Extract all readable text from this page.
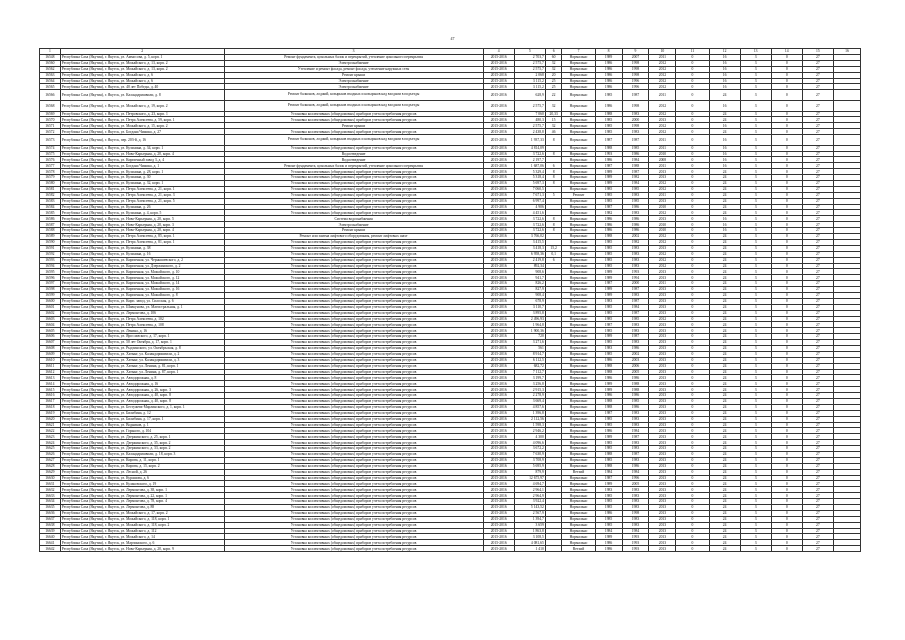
47
1	2	3	4	5	6	7	8	9	10	11	12	13	14	15	16
16548	Республика Саха (Якутия), г. Якутск, ул. Аммосова, д. 5, корп. 1	Ремонт фундамента, цокольных балок и перекрытий, утепление цокольного перекрытия	2015-2016	2 703,7	60	Нормально	1989	2007	2011	0	16	3	0	27	
16560	Республика Саха (Якутия), г. Якутск, ул. Можайского, д. 13, корп. 2	Электроснабжение	2015-2016	2 575,7	32	Нормально	1986	1998	2012	0	16	3	0	27	
16562	Республика Саха (Якутия), г. Якутск, ул. Можайского, д. 13, корп. 2	Утепление и ремонт фасада, ремонт фасада, утепление наружных стен	2015-2016	2 575,7	32	Нормально	1986	1998	2012	0	16	3	0	27	
16563	Республика Саха (Якутия), г. Якутск, ул. Можайского, д. 6	Ремонт крыши	2015-2016	2 068	20	Нормально	1986	1998	2012	0	16	3	0	27	
16564	Республика Саха (Якутия), г. Якутск, ул. Можайского, д. 6	Электроснабжение	2015-2016	3 115,2	25	Нормально	1986	1996	2012	0	16	3	0	27	
16565	Республика Саха (Якутия), г. Якутск, ул. 40 лет Победы, д. 40	Электроснабжение	2015-2016	3 115,2	25	Нормально	1986	1996	2012	0	16	3	0	27	
16566	Республика Саха (Якутия), г. Якутск, ул. Каландаришвили, д. 8	Ремонт балконов, лоджий, козырьков входных и козырьков над входами в подъезды	2015-2016	628,9	22	Нормально	1985	1987	2011	0	24	3	0	27	
16568	Республика Саха (Якутия), г. Якутск, ул. Можайского, д. 19, корп. 2	Ремонт балконов, лоджий, козырьков входных и козырьков над входами в подъезды	2015-2016	2 575,7	32	Нормально	1986	1998	2012	0	16	3	0	27	
16569	Республика Саха (Якутия), г. Якутск, ул. Петровского, д. 23, корп. 1	Установка коллективных (общедомовых) приборов учета потребления ресурсов	2015-2016	7 060	20,33	Нормально	1988	1983	2012	0	24	3	0	27	
16570	Республика Саха (Якутия), г. Якутск, ул. Петра Алексеева, д. 59, корп. 1	Установка коллективных (общедомовых) приборов учета потребления ресурсов	2015-2016	480,3	15	Нормально	1985	2000	2013	0	24	3	0	27	
16571	Республика Саха (Якутия), г. Якутск, ул. Можайского, д. 15, корп. 2	Ремонт крыши	2015-2016	2 575,7	32	Нормально	1985	1998	2012	0	16	3	0	27	
16572	Республика Саха (Якутия), г. Якутск, ул. Богдана Чижика, д. 27	Установка коллективных (общедомовых) приборов учета потребления ресурсов	2015-2016	2 438,8	46	Нормально	1985	1983	2012	0	24	3	0	27	
16573	Республика Саха (Якутия), г. Якутск, пер. 203-й, д. 16	Ремонт балконов, лоджий, козырьков входных и козырьков над входами в подъезды	2015-2016	1 937,33	8	Нормально	1987	1987	2011	0	16	3	0	27	
16574	Республика Саха (Якутия), г. Якутск, ул. Кузьмина, д. 34, корп. 1	Установка коллективных (общедомовых) приборов учета потребления ресурсов	2015-2016	4 814,09		Нормально	1988	1985	2011	0	16	3	0	27	
16575	Республика Саха (Якутия), г. Якутск, ул. Ново-Карьерная, д. 20, корп. 4	Водоотведение	2015-2016	3 722,6	8	Нормально	1993	1986	2010	0	16	3	0	27	
16576	Республика Саха (Якутия), г. Якутск, ул. Кирпичный завод 3, д. 4	Водоотведение	2015-2016	2 197,7		Нормально	1986	1984	2008	0	16	3	0	27	
16577	Республика Саха (Якутия), г. Якутск, ул. Богдана Чижика, д. 1	Ремонт фундамента, цокольных балок и перекрытий, утепление цокольного перекрытия	2015-2016	1 687,06	6	Нормально	1987	1988	2011	0	16	3	0	27	
16578	Республика Саха (Якутия), г. Якутск, ул. Кузьмина, д. 28, корп. 1	Установка коллективных (общедомовых) приборов учета потребления ресурсов	2015-2016	5 329,4	8	Нормально	1989	1987	2013	0	24	3	0	27	
16579	Республика Саха (Якутия), г. Якутск, ул. Кузьмина, д. 30	Установка коллективных (общедомовых) приборов учета потребления ресурсов	2015-2016	5 318,4	8	Нормально	1989	1982	2013	0	24	3	0	27	
16580	Республика Саха (Якутия), г. Якутск, ул. Кузьмина, д. 32, корп. 1	Установка коллективных (общедомовых) приборов учета потребления ресурсов	2015-2016	5 697,3	8	Нормально	1989	1984	2012	0	24	3	0	27	
16581	Республика Саха (Якутия), г. Якутск, ул. Петра Алексеева, д. 21, корп. 1	Установка коллективных (общедомовых) приборов учета потребления ресурсов	2015-2016	7 060,5		Нормально	1985	1985	2012	0	24	3	0	27	
16582	Республика Саха (Якутия), г. Якутск, ул. Петра Алексеева, д. 21, корп. 3	Установка коллективных (общедомовых) приборов учета потребления ресурсов	2015-2016	7 671,3	5	Ремонт	1985	1983	2011	0	24	3	0	27	
16583	Республика Саха (Якутия), г. Якутск, ул. Петра Алексеева, д. 21, корп. 5	Установка коллективных (общедомовых) приборов учета потребления ресурсов	2015-2016	6 997,4		Нормально	1985	1985	2013	0	24	3	0	27	
16584	Республика Саха (Якутия), г. Якутск, ул. Кузьмина, д. 26	Установка коллективных (общедомовых) приборов учета потребления ресурсов	2015-2016	4 906		Нормально	1987	1986	2010	0	24	3	0	27	
16585	Республика Саха (Якутия), г. Якутск, ул. Кузьмина, д. 4, корп. 5	Установка коллективных (общедомовых) приборов учета потребления ресурсов	2015-2016	4 451,6		Нормально	1982	1983	2012	0	24	3	0	27	
16586	Республика Саха (Якутия), г. Якутск, ул. Ново-Карьерная, д. 20, корп. 5	Система водоснабжения	2015-2016	3 722,6	8	Нормально	1986	1986	2013	0	16	3	0	27	
16587	Республика Саха (Якутия), г. Якутск, ул. Ново-Карьерная, д. 20, корп. 3	Электроснабжение	2015-2016	3 722,6	8	Нормально	1986	1986	2010	0	16	3	0	27	
16588	Республика Саха (Якутия), г. Якутск, ул. Ново-Карьерная, д. 20, корп. 4	Ремонт крыши	2015-2016	3 722,6	8	Нормально	1986	1986	2010	0	16	3	0	27	
16589	Республика Саха (Якутия), г. Якутск, ул. Петра Алексеева, д. 85, корп. 1	Ремонт или замена лифтового оборудования, ремонт лифтовых шахт	2015-2016	3 766,02		Нормально	1988	2002	2012	0	24	3	0	27	
16590	Республика Саха (Якутия), г. Якутск, ул. Петра Алексеева, д. 81, корп. 1	Установка коллективных (общедомовых) приборов учета потребления ресурсов	2015-2016	3 415,5		Нормально	1985	1982	2012	0	24	3	0	27	
16591	Республика Саха (Якутия), г. Якутск, ул. Кузьмина, д. 38	Установка коллективных (общедомовых) приборов учета потребления ресурсов	2015-2016	3 418,3	15,2	Нормально	1985	1983	2013	0	24	3	0	27	
16592	Республика Саха (Якутия), г. Якутск, ул. Кузьмина, д. 16	Установка коллективных (общедомовых) приборов учета потребления ресурсов	2015-2016	6 958,36	0,1	Нормально	1985	1983	2012	0	24	3	0	27	
16593	Республика Саха (Якутия), г. Якутск, ул. Кирпичная, ул. Чернышевского, д. 2	Установка коллективных (общедомовых) приборов учета потребления ресурсов	2015-2016	2 419,8	6	Нормально	1985	1983	2012	0	24	3	0	27	
16594	Республика Саха (Якутия), г. Якутск, ул. Кирпичная, ул. Дзержинского, д. 2	Установка коллективных (общедомовых) приборов учета потребления ресурсов	2015-2016	892,34		Нормально	1985	1983	2012	0	24	3	0	27	
16595	Республика Саха (Якутия), г. Якутск, ул. Кирпичная, ул. Можайского, д. 10	Установка коллективных (общедомовых) приборов учета потребления ресурсов	2015-2016	908,6		Нормально	1989	1993	2013	0	24	3	0	27	
16596	Республика Саха (Якутия), г. Якутск, ул. Кирпичная, ул. Можайского, д. 12	Установка коллективных (общедомовых) приборов учета потребления ресурсов	2015-2016	941,7		Нормально	1989	1994	2013	0	24	3	0	27	
16597	Республика Саха (Якутия), г. Якутск, ул. Кирпичная, ул. Можайского, д. 14	Установка коллективных (общедомовых) приборов учета потребления ресурсов	2015-2016	826,2		Нормально	1987	2000	2011	0	24	3	0	27	
16598	Республика Саха (Якутия), г. Якутск, ул. Кирпичная, ул. Можайского, д. 16	Установка коллективных (общедомовых) приборов учета потребления ресурсов	2015-2016	827,9		Нормально	1989	1987	2013	0	24	3	0	27	
16599	Республика Саха (Якутия), г. Якутск, ул. Кирпичная, ул. Можайского, д. 8	Установка коллективных (общедомовых) приборов учета потребления ресурсов	2015-2016	908,4		Нормально	1989	1983	2013	0	24	3	0	27	
16600	Республика Саха (Якутия), г. Якутск, ул. Кирп. завод, ул. Спасская, д. 6	Установка коллективных (общедомовых) приборов учета потребления ресурсов	2015-2016	678,9		Нормально	1983	1987	2013	0	24	3	0	27	
16601	Республика Саха (Якутия), г. Якутск, ул. Шавкунова, ул. Магистральная, д. 1	Установка коллективных (общедомовых) приборов учета потребления ресурсов	2015-2016	3 110,7		Нормально	1985	1984	2013	0	24	3	0	27	
16602	Республика Саха (Якутия), г. Якутск, ул. Лермонтова, д. 106	Установка коллективных (общедомовых) приборов учета потребления ресурсов	2015-2016	3 895,8		Нормально	1985	1987	2013	0	24	3	0	27	
16603	Республика Саха (Якутия), г. Якутск, ул. Петра Алексеева, д. 102	Установка коллективных (общедомовых) приборов учета потребления ресурсов	2015-2016	2 496,93		Нормально	1985	1985	2012	0	24	3	0	27	
16604	Республика Саха (Якутия), г. Якутск, ул. Петра Алексеева, д. 108	Установка коллективных (общедомовых) приборов учета потребления ресурсов	2015-2016	1 964,8		Нормально	1987	1983	2013	0	24	3	0	27	
16605	Республика Саха (Якутия), г. Якутск, ул. Ленина, д. 16	Установка коллективных (общедомовых) приборов учета потребления ресурсов	2015-2016	1 900,36		Нормально	1985	1983	2013	0	24	3	0	27	
16606	Республика Саха (Якутия), г. Якутск, ул. Ярославского, д. 17, корп. 1	Установка коллективных (общедомовых) приборов учета потребления ресурсов	2015-2016	720		Нормально	1989	1987	2013	0	24	3	0	27	
16607	Республика Саха (Якутия), г. Якутск, ул. 50 лет Октября, д. 17, корп. 1	Установка коллективных (общедомовых) приборов учета потребления ресурсов	2015-2016	3 271,6		Нормально	1985	1983	2013	0	24	3	0	27	
16608	Республика Саха (Якутия), г. Якутск, ул. Рыдзинского, ул. Октябрьская, д. 8	Установка коллективных (общедомовых) приборов учета потребления ресурсов	2015-2016	561		Нормально	1983	1986	2013	0	24	3	0	27	
16609	Республика Саха (Якутия), г. Якутск, ул. Хатынг, ул. Каландаришвили, д. 2	Установка коллективных (общедомовых) приборов учета потребления ресурсов	2015-2016	8 914,7		Нормально	1985	2002	2013	0	24	3	0	27	
16610	Республика Саха (Якутия), г. Якутск, ул. Хатынг, ул. Каландаришвили, д. 3	Установка коллективных (общедомовых) приборов учета потребления ресурсов	2015-2016	6 112,5		Нормально	1986	2003	2013	0	24	3	0	27	
16611	Республика Саха (Якутия), г. Якутск, ул. Хатынг, ул. Ленина, д. 81, корп. 1	Установка коллективных (общедомовых) приборов учета потребления ресурсов	2015-2016	682,72		Нормально	1988	2006	2013	0	24	3	0	27	
16612	Республика Саха (Якутия), г. Якутск, ул. Хатынг, ул. Ленина, д. 87, корп. 1	Установка коллективных (общедомовых) приборов учета потребления ресурсов	2015-2016	7 112,7		Нормально	1988	2005	2013	0	24	3	0	27	
16613	Республика Саха (Якутия), г. Якутск, ул. Автодорожная, д. 8	Установка коллективных (общедомовых) приборов учета потребления ресурсов	2015-2016	3 199,7		Нормально	1986	1986	2013	0	24	3	0	27	
16614	Республика Саха (Якутия), г. Якутск, ул. Автодорожная, д. 16	Установка коллективных (общедомовых) приборов учета потребления ресурсов	2015-2016	3 256,8		Нормально	1989	1988	2013	0	24	3	0	27	
16615	Республика Саха (Якутия), г. Якутск, ул. Автодорожная, д. 26, корп. 3	Установка коллективных (общедомовых) приборов учета потребления ресурсов	2015-2016	2 915,3		Нормально	1989	1988	2013	0	24	3	0	27	
16616	Республика Саха (Якутия), г. Якутск, ул. Автодорожная, д. 40, корп. 8	Установка коллективных (общедомовых) приборов учета потребления ресурсов	2015-2016	2 278,9		Нормально	1986	1986	2013	0	24	3	0	27	
16617	Республика Саха (Якутия), г. Якутск, ул. Автодорожная, д. 40, корп. 8	Установка коллективных (общедомовых) приборов учета потребления ресурсов	2015-2016	3 669,4		Нормально	1988	1985	2013	0	24	3	0	27	
16618	Республика Саха (Якутия), г. Якутск, ул. Бестужева-Марлинского, д. 1, корп. 1	Установка коллективных (общедомовых) приборов учета потребления ресурсов	2015-2016	4 857,6		Нормально	1988	1986	2013	0	24	3	0	27	
16619	Республика Саха (Якутия), г. Якутск, ул. Билибина, д. 12	Установка коллективных (общедомовых) приборов учета потребления ресурсов	2015-2016	1 396,8		Нормально	1987	1983	2013	0	24	3	0	27	
16620	Республика Саха (Якутия), г. Якутск, ул. Билибина, д. 17, корп. 1	Установка коллективных (общедомовых) приборов учета потребления ресурсов	2015-2016	2 112,56		Нормально	1985	1983	2013	0	24	3	0	27	
16621	Республика Саха (Якутия), г. Якутск, ул. Водников, д. 1	Установка коллективных (общедомовых) приборов учета потребления ресурсов	2015-2016	1 598,3		Нормально	1985	1983	2013	0	24	3	0	27	
16622	Республика Саха (Якутия), г. Якутск, ул. Горького, д. 104	Установка коллективных (общедомовых) приборов учета потребления ресурсов	2015-2016	2 946,2		Нормально	1986	1984	2013	0	24	3	0	27	
16623	Республика Саха (Якутия), г. Якутск, ул. Дзержинского, д. 25, корп. 1	Установка коллективных (общедомовых) приборов учета потребления ресурсов	2015-2016	4 300		Нормально	1989	1987	2013	0	24	3	0	27	
16624	Республика Саха (Якутия), г. Якутск, ул. Дзержинского, д. 35, корп. 2	Установка коллективных (общедомовых) приборов учета потребления ресурсов	2015-2016	4 096,6		Нормально	1985	1983	2013	0	24	3	0	27	
16625	Республика Саха (Якутия), г. Якутск, ул. Дзержинского, д. 33, корп. 2	Установка коллективных (общедомовых) приборов учета потребления ресурсов	2015-2016	3 672,2		Нормально	1985	1983	2013	0	24	3	0	27	
16626	Республика Саха (Якутия), г. Якутск, ул. Каландаришвили, д. 18, корп. 3	Установка коллективных (общедомовых) приборов учета потребления ресурсов	2015-2016	7 630,9		Нормально	1988	1987	2013	0	24	3	0	27	
16627	Республика Саха (Якутия), г. Якутск, ул. Кирова, д. 11, корп. 1	Установка коллективных (общедомовых) приборов учета потребления ресурсов	2015-2016	3 708,9		Нормально	1985	1983	2013	0	24	3	0	27	
16628	Республика Саха (Якутия), г. Якутск, ул. Кирова, д. 15, корп. 2	Установка коллективных (общедомовых) приборов учета потребления ресурсов	2015-2016	5 695,9		Нормально	1988	1986	2013	0	24	3	0	27	
16629	Республика Саха (Якутия), г. Якутск, ул. Лесной, д. 26	Установка коллективных (общедомовых) приборов учета потребления ресурсов	2015-2016	879,9		Ветхий	1984	1984	2013	0	24	3	0	27	
16630	Республика Саха (Якутия), г. Якутск, ул. Курашова, д. 6	Установка коллективных (общедомовых) приборов учета потребления ресурсов	2015-2016	12 675,97		Нормально	1987	1996	2013	0	24	3	0	27	
16631	Республика Саха (Якутия), г. Якутск, ул. Кулаковского, д. 19	Установка коллективных (общедомовых) приборов учета потребления ресурсов	2015-2016	4 694,7		Нормально	1989	2005	2013	0	24	3	0	27	
16632	Республика Саха (Якутия), г. Якутск, ул. Лермонтова, д. 38, корп. 1	Установка коллективных (общедомовых) приборов учета потребления ресурсов	2015-2016	2 964,1		Нормально	1983	1983	2013	0	24	3	0	27	
16633	Республика Саха (Якутия), г. Якутск, ул. Лермонтова, д. 22, корп. 1	Установка коллективных (общедомовых) приборов учета потребления ресурсов	2015-2016	2 964,9		Нормально	1985	1983	2013	0	24	3	0	27	
16634	Республика Саха (Якутия), г. Якутск, ул. Лермонтова, д. 78, корп. 4	Установка коллективных (общедомовых) приборов учета потребления ресурсов	2015-2016	3 922,4		Нормально	1985	1983	2013	0	24	3	0	27	
16635	Республика Саха (Якутия), г. Якутск, ул. Лермонтова, д. 88	Установка коллективных (общедомовых) приборов учета потребления ресурсов	2015-2016	5 143,52		Нормально	1985	1983	2013	0	24	3	0	27	
16636	Республика Саха (Якутия), г. Якутск, ул. Можайского, д. 17, корп. 2	Установка коллективных (общедомовых) приборов учета потребления ресурсов	2015-2016	2 567,9		Нормально	1986	1998	2013	0	24	3	0	27	
16637	Республика Саха (Якутия), г. Якутск, ул. Можайского, д. 118, корп. 1	Установка коллективных (общедомовых) приборов учета потребления ресурсов	2015-2016	1 394,7		Нормально	1985	1983	2013	0	24	3	0	27	
16638	Республика Саха (Якутия), г. Якутск, ул. Можайского, д. 118, корп. 2	Установка коллективных (общедомовых) приборов учета потребления ресурсов	2015-2016	3 659		Нормально	1985	1983	2013	0	24	3	0	27	
16639	Республика Саха (Якутия), г. Якутск, ул. Можайского, д. 112	Установка коллективных (общедомовых) приборов учета потребления ресурсов	2015-2016	1 863,8		Нормально	1984	1984	2013	0	24	3	0	27	
16640	Республика Саха (Якутия), г. Якутск, ул. Можайского, д. 14	Установка коллективных (общедомовых) приборов учета потребления ресурсов	2015-2016	3 108,5		Нормально	1989	1993	2013	0	24	3	0	27	
16641	Республика Саха (Якутия), г. Якутск, ул. Марчинского, д. 6	Установка коллективных (общедомовых) приборов учета потребления ресурсов	2015-2016	4 081,65		Нормально	1986	1993	2013	0	24	3	0	27	
16642	Республика Саха (Якутия), г. Якутск, ул. Ново-Карьерная, д. 20, корп. 9	Установка коллективных (общедомовых) приборов учета потребления ресурсов	2015-2016	1 410		Ветхий	1986	1993	2013	0	24	3	0	27	
